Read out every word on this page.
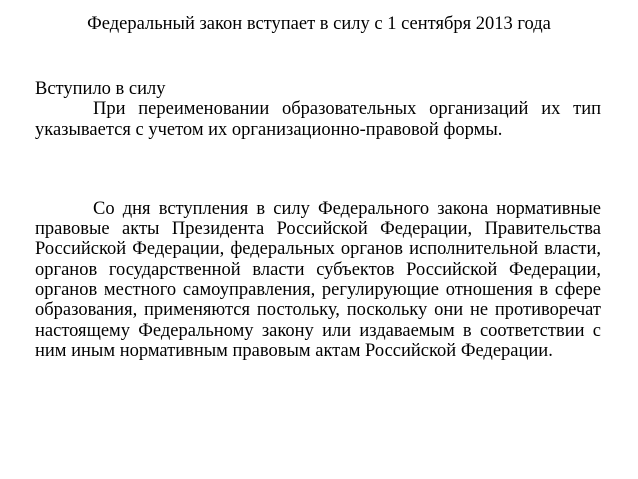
Федеральный закон вступает в силу с 1 сентября 2013 года

Вступило в силу

При переименовании образовательных организаций их тип указывается с учетом их организационно-правовой формы.

Со дня вступления в силу Федерального закона нормативные правовые акты Президента Российской Федерации, Правительства Российской Федерации, федеральных органов исполнительной власти, органов государственной власти субъектов Российской Федерации, органов местного самоуправления, регулирующие отношения в сфере образования, применяются постольку, поскольку они не противоречат настоящему Федеральному закону или издаваемым в соответствии с ним иным нормативным правовым актам Российской Федерации.
